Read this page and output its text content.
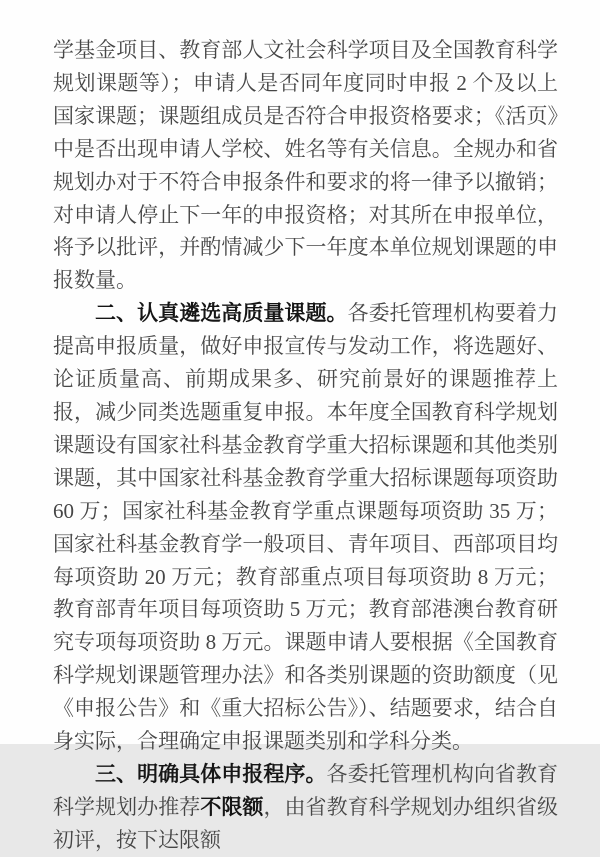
学基金项目、教育部人文社会科学项目及全国教育科学规划课题等）；申请人是否同年度同时申报 2 个及以上国家课题；课题组成员是否符合申报资格要求；《活页》中是否出现申请人学校、姓名等有关信息。全规办和省规划办对于不符合申报条件和要求的将一律予以撤销；对申请人停止下一年的申报资格；对其所在申报单位，将予以批评，并酌情减少下一年度本单位规划课题的申报数量。

二、认真遴选高质量课题。各委托管理机构要着力提高申报质量，做好申报宣传与发动工作，将选题好、论证质量高、前期成果多、研究前景好的课题推荐上报，减少同类选题重复申报。本年度全国教育科学规划课题设有国家社科基金教育学重大招标课题和其他类别课题，其中国家社科基金教育学重大招标课题每项资助 60 万；国家社科基金教育学重点课题每项资助 35 万；国家社科基金教育学一般项目、青年项目、西部项目均每项资助 20 万元；教育部重点项目每项资助 8 万元；教育部青年项目每项资助 5 万元；教育部港澳台教育研究专项每项资助 8 万元。课题申请人要根据《全国教育科学规划课题管理办法》和各类别课题的资助额度（见《申报公告》和《重大招标公告》）、结题要求，结合自身实际，合理确定申报课题类别和学科分类。

三、明确具体申报程序。各委托管理机构向省教育科学规划办推荐不限额，由省教育科学规划办组织省级初评，按下达限额
